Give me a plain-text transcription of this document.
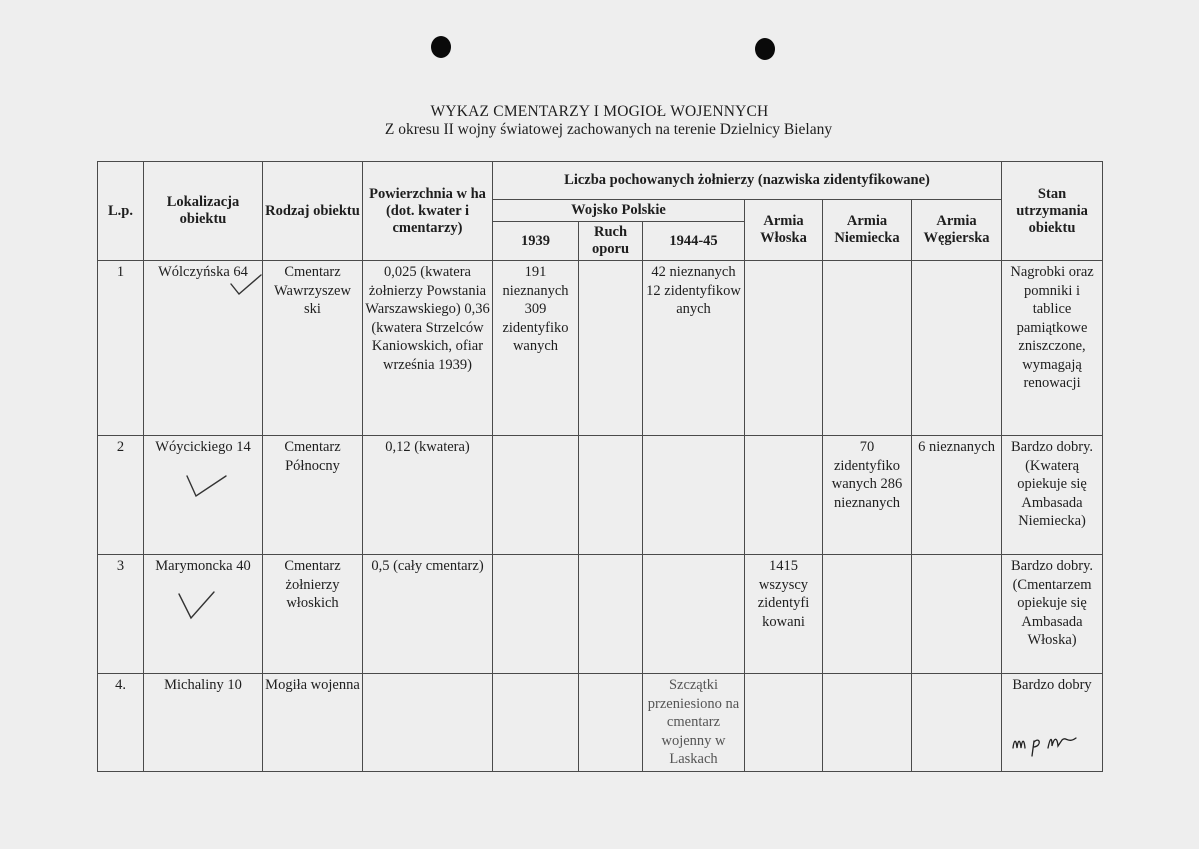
WYKAZ CMENTARZY I MOGIOŁ WOJENNYCH
Z okresu II wojny światowej zachowanych na terenie Dzielnicy Bielany
L.p.	Lokalizacja obiektu	Rodzaj obiektu	Powierzchnia w ha (dot. kwater i cmentarzy)	Liczba pochowanych żołnierzy (nazwiska zidentyfikowane)						Stan utrzymania obiektu
				Wojsko Polskie			Armia Włoska	Armia Niemiecka	Armia Węgierska	
				1939	Ruch oporu	1944-45				
1	Wólczyńska 64	Cmentarz Wawrzyszew ski	0,025 (kwatera żołnierzy Powstania Warszawskiego) 0,36 (kwatera Strzelców Kaniowskich, ofiar września 1939)	191 nieznanych 309 zidentyfiko wanych		42 nieznanych 12 zidentyfikow anych				Nagrobki oraz pomniki i tablice pamiątkowe zniszczone, wymagają renowacji
2	Wóycickiego 14	Cmentarz Północny	0,12 (kwatera)					70 zidentyfiko wanych 286 nieznanych	6 nieznanych	Bardzo dobry. (Kwaterą opiekuje się Ambasada Niemiecka)
3	Marymoncka 40	Cmentarz żołnierzy włoskich	0,5 (cały cmentarz)				1415 wszyscy zidentyfi kowani			Bardzo dobry. (Cmentarzem opiekuje się Ambasada Włoska)
4.	Michaliny 10	Mogiła wojenna				Szczątki przeniesiono na cmentarz wojenny w Laskach				Bardzo dobry
